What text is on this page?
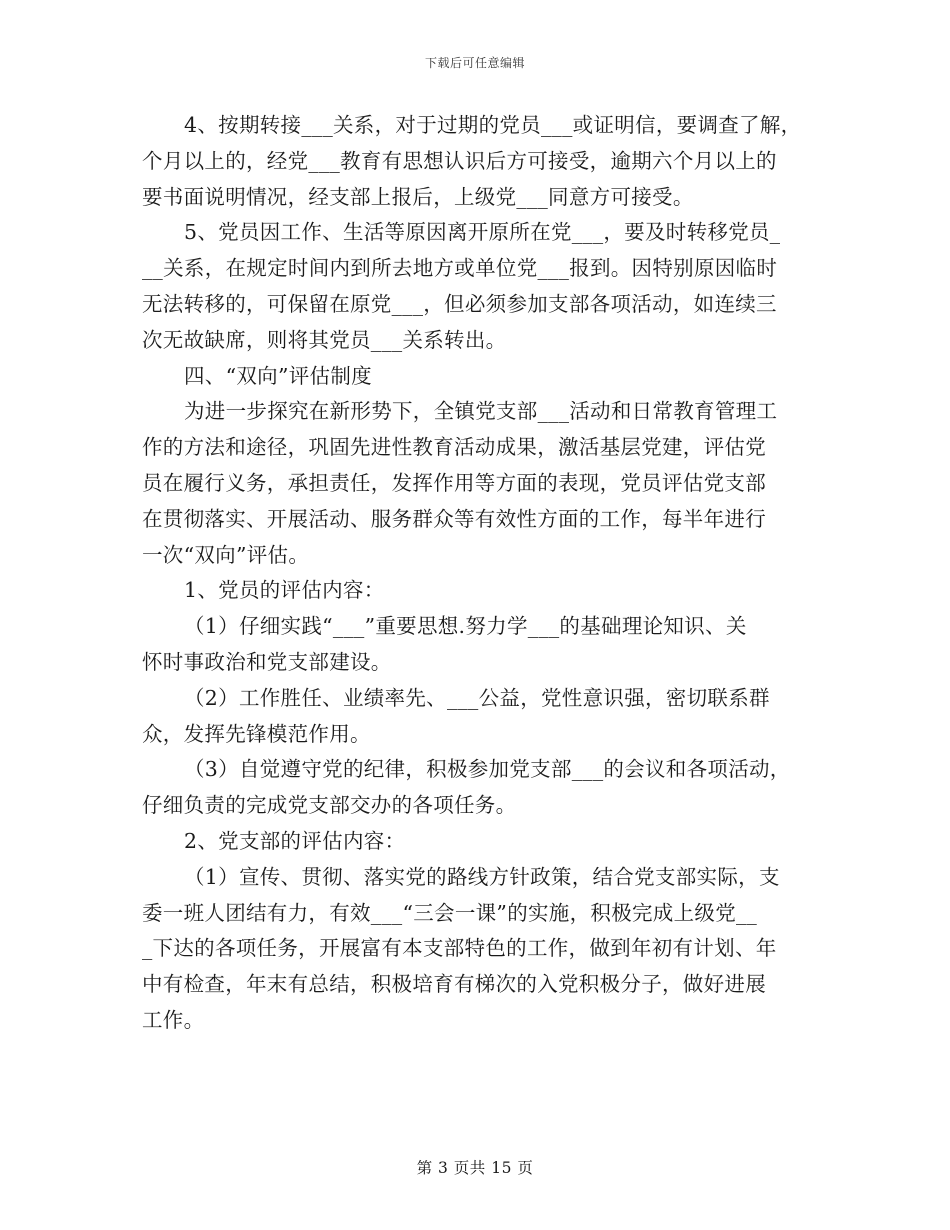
下载后可任意编辑
4、按期转接___关系，对于过期的党员___或证明信，要调查了解，
个月以上的，经党___教育有思想认识后方可接受，逾期六个月以上的
要书面说明情况，经支部上报后，上级党___同意方可接受。
5、党员因工作、生活等原因离开原所在党___，要及时转移党员_
__关系，在规定时间内到所去地方或单位党___报到。因特别原因临时
无法转移的，可保留在原党___，但必须参加支部各项活动，如连续三
次无故缺席，则将其党员___关系转出。
四、“双向”评估制度
为进一步探究在新形势下，全镇党支部___活动和日常教育管理工
作的方法和途径，巩固先进性教育活动成果，激活基层党建，评估党
员在履行义务，承担责任，发挥作用等方面的表现，党员评估党支部
在贯彻落实、开展活动、服务群众等有效性方面的工作，每半年进行
一次“双向”评估。
1、党员的评估内容：
（1）仔细实践“___”重要思想.努力学___的基础理论知识、关
怀时事政治和党支部建设。
（2）工作胜任、业绩率先、___公益，党性意识强，密切联系群
众，发挥先锋模范作用。
（3）自觉遵守党的纪律，积极参加党支部___的会议和各项活动，
仔细负责的完成党支部交办的各项任务。
2、党支部的评估内容：
（1）宣传、贯彻、落实党的路线方针政策，结合党支部实际，支
委一班人团结有力，有效___“三会一课”的实施，积极完成上级党__
_下达的各项任务，开展富有本支部特色的工作，做到年初有计划、年
中有检查，年末有总结，积极培育有梯次的入党积极分子，做好进展
工作。
第 3 页共 15 页
